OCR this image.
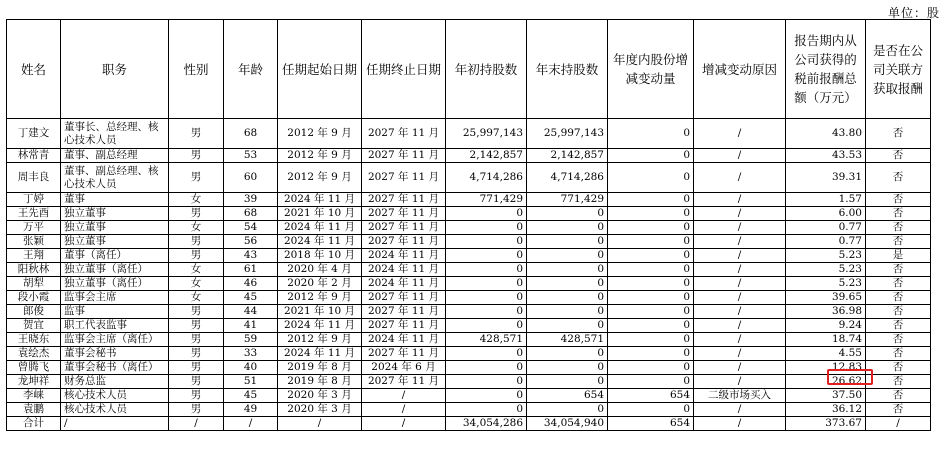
单位：股
姓名	职务	性别	年龄	任期起始日期	任期终止日期	年初持股数	年末持股数	年度内股份增减变动量	增减变动原因	报告期内从公司获得的税前报酬总额（万元）	是否在公司关联方获取报酬
丁建文	董事长、总经理、核心技术人员	男	68	2012 年 9 月	2027 年 11 月	25,997,143	25,997,143	0	/	43.80	否
林常青	董事、副总经理	男	53	2012 年 9 月	2027 年 11 月	2,142,857	2,142,857	0	/	43.53	否
周丰良	董事、副总经理、核心技术人员	男	60	2012 年 9 月	2027 年 11 月	4,714,286	4,714,286	0	/	39.31	否
丁婷	董事	女	39	2024 年 11 月	2027 年 11 月	771,429	771,429	0	/	1.57	否
王先酉	独立董事	男	68	2021 年 10 月	2027 年 11 月	0	0	0	/	6.00	否
万平	独立董事	女	54	2024 年 11 月	2027 年 11 月	0	0	0	/	0.77	否
张颖	独立董事	男	56	2024 年 11 月	2027 年 11 月	0	0	0	/	0.77	否
王翔	董事（离任）	男	43	2018 年 10 月	2024 年 11 月	0	0	0	/	5.23	是
阳秋林	独立董事（离任）	女	61	2020 年 4 月	2024 年 11 月	0	0	0	/	5.23	否
胡犁	独立董事（离任）	女	46	2020 年 2 月	2024 年 11 月	0	0	0	/	5.23	否
段小霞	监事会主席	女	45	2012 年 9 月	2027 年 11 月	0	0	0	/	39.65	否
郎俊	监事	男	44	2021 年 10 月	2027 年 11 月	0	0	0	/	36.98	否
贺宜	职工代表监事	男	41	2024 年 11 月	2027 年 11 月	0	0	0	/	9.24	否
王晓东	监事会主席（离任）	男	59	2012 年 9 月	2024 年 11 月	428,571	428,571	0	/	18.74	否
袁绘杰	董事会秘书	男	33	2024 年 11 月	2027 年 11 月	0	0	0	/	4.55	否
曾腾飞	董事会秘书（离任）	男	40	2019 年 8 月	2024 年 6 月	0	0	0	/	12.83	否
龙坤祥	财务总监	男	51	2019 年 8 月	2027 年 11 月	0	0	0	/	26.62	否
李崃	核心技术人员	男	45	2020 年 3 月	/	0	654	654	二级市场买入	37.50	否
袁鹏	核心技术人员	男	49	2020 年 3 月	/	0	0	0	/	36.12	否
合计	/	/	/	/	/	34,054,286	34,054,940	654	/	373.67	/
